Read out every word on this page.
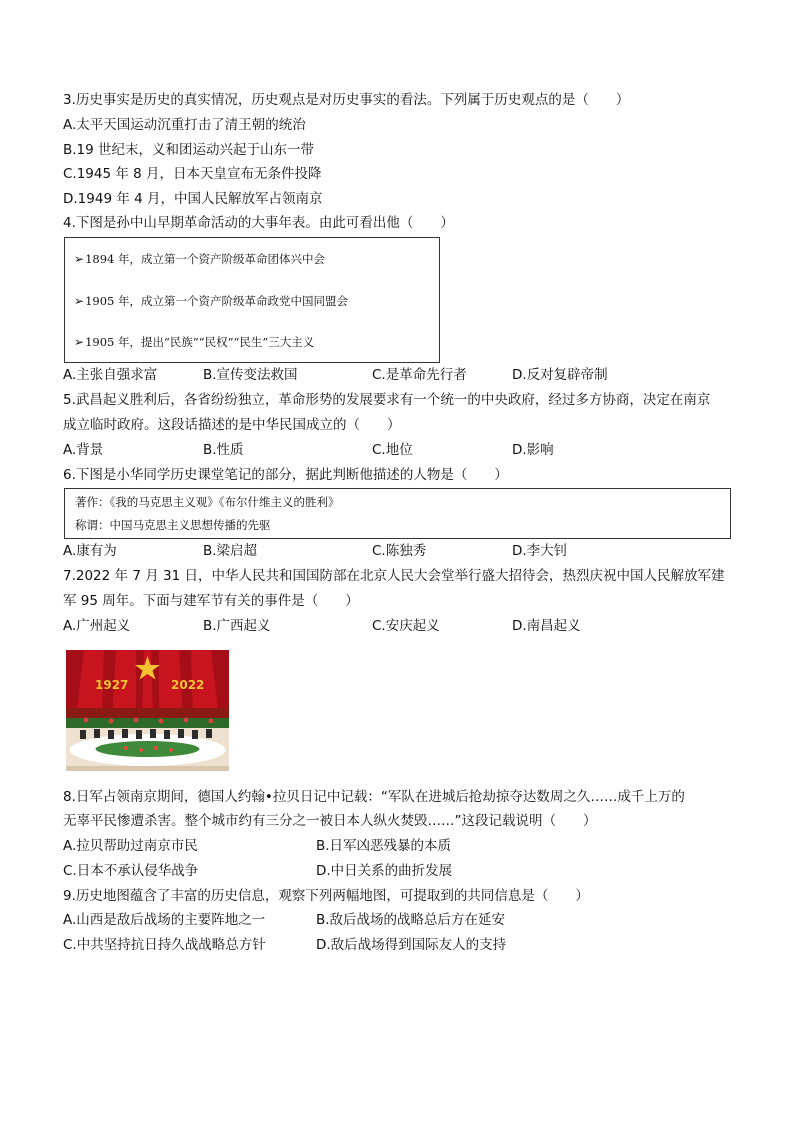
3.历史事实是历史的真实情况，历史观点是对历史事实的看法。下列属于历史观点的是（　　）
A.太平天国运动沉重打击了清王朝的统治
B.19 世纪末，义和团运动兴起于山东一带
C.1945 年 8 月，日本天皇宣布无条件投降
D.1949 年 4 月，中国人民解放军占领南京
4.下图是孙中山早期革命活动的大事年表。由此可看出他（　　）
➢1894 年，成立第一个资产阶级革命团体兴中会
➢1905 年，成立第一个资产阶级革命政党中国同盟会
➢1905 年，提出“民族”“民权”“民生”三大主义
A.主张自强求富	B.宣传变法救国	C.是革命先行者	D.反对复辟帝制
5.武昌起义胜利后，各省纷纷独立，革命形势的发展要求有一个统一的中央政府，经过多方协商，决定在南京
成立临时政府。这段话描述的是中华民国成立的（　　）
A.背景	B.性质	C.地位	D.影响
6.下图是小华同学历史课堂笔记的部分，据此判断他描述的人物是（　　）
著作：《我的马克思主义观》《布尔什维主义的胜利》
称谓：中国马克思主义思想传播的先驱
A.康有为	B.梁启超	C.陈独秀	D.李大钊
7.2022 年 7 月 31 日，中华人民共和国国防部在北京人民大会堂举行盛大招待会，热烈庆祝中国人民解放军建
军 95 周年。下面与建军节有关的事件是（　　）
A.广州起义	B.广西起义	C.安庆起义	D.南昌起义
1927	2022
8.日军占领南京期间，德国人约翰•拉贝日记中记载：“军队在进城后抢劫掠夺达数周之久……成千上万的
无辜平民惨遭杀害。整个城市约有三分之一被日本人纵火焚毁……”这段记载说明（　　）
A.拉贝帮助过南京市民	B.日军凶恶残暴的本质
C.日本不承认侵华战争	D.中日关系的曲折发展
9.历史地图蕴含了丰富的历史信息，观察下列两幅地图，可提取到的共同信息是（　　）
A.山西是敌后战场的主要阵地之一	B.敌后战场的战略总后方在延安
C.中共坚持抗日持久战战略总方针	D.敌后战场得到国际友人的支持
